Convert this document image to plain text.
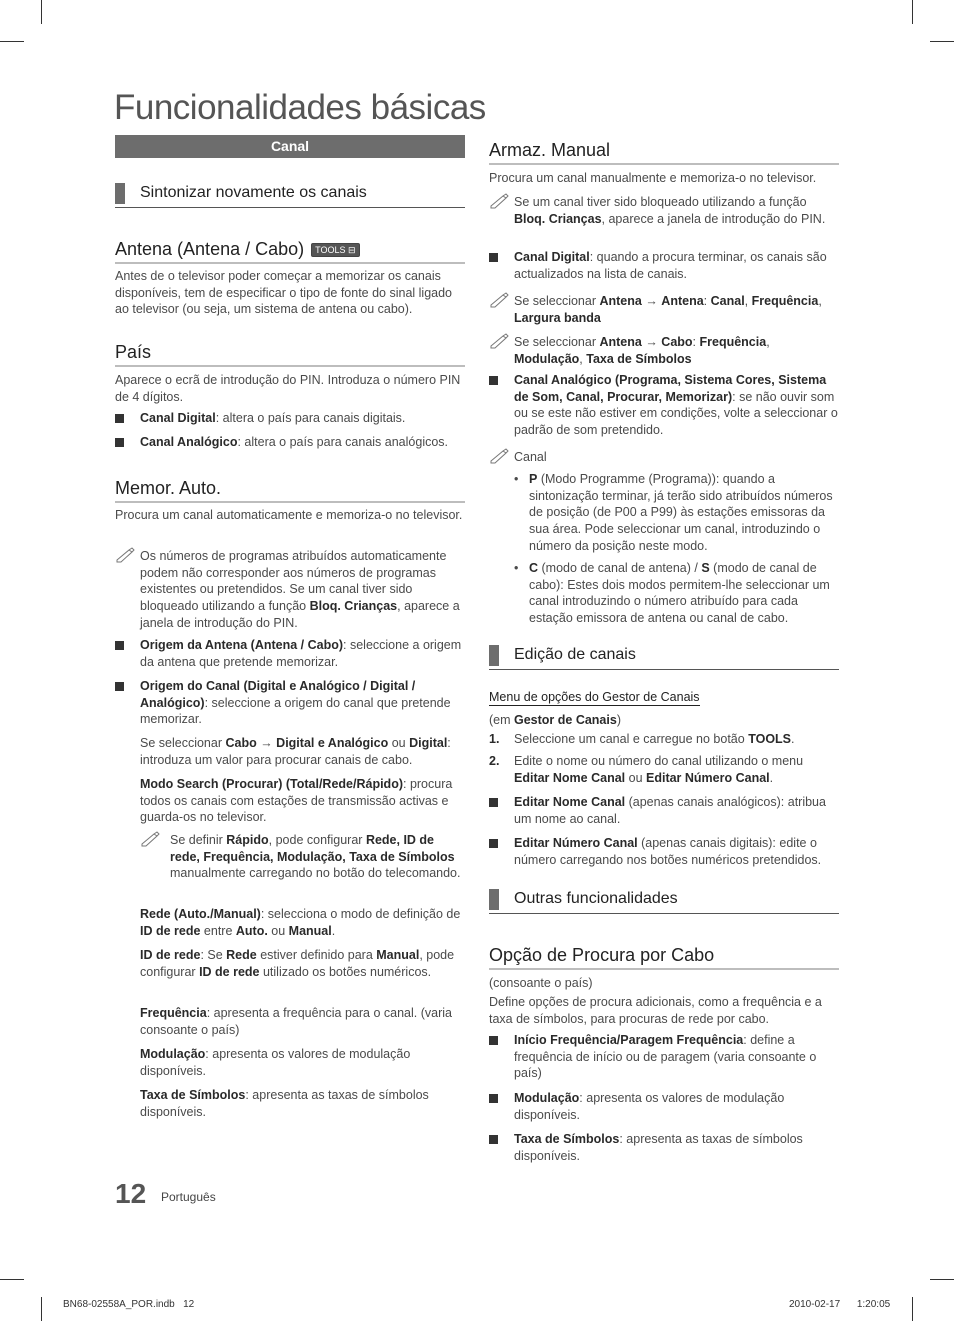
Funcionalidades básicas
Canal
Sintonizar novamente os canais
Antena (Antena / Cabo) TOOLS ⊟
Antes de o televisor poder começar a memorizar os canais disponíveis, tem de especificar o tipo de fonte do sinal ligado ao televisor (ou seja, um sistema de antena ou cabo).
País
Aparece o ecrã de introdução do PIN. Introduza o número PIN de 4 dígitos.
Canal Digital: altera o país para canais digitais.
Canal Analógico: altera o país para canais analógicos.
Memor. Auto.
Procura um canal automaticamente e memoriza-o no televisor.
Os números de programas atribuídos automaticamente podem não corresponder aos números de programas existentes ou pretendidos. Se um canal tiver sido bloqueado utilizando a função Bloq. Crianças, aparece a janela de introdução do PIN.
Origem da Antena (Antena / Cabo): seleccione a origem da antena que pretende memorizar.
Origem do Canal (Digital e Analógico / Digital / Analógico): seleccione a origem do canal que pretende memorizar.
Se seleccionar Cabo → Digital e Analógico ou Digital: introduza um valor para procurar canais de cabo.
Modo Search (Procurar) (Total/Rede/Rápido): procura todos os canais com estações de transmissão activas e guarda-os no televisor.
Se definir Rápido, pode configurar Rede, ID de rede, Frequência, Modulação, Taxa de Símbolos manualmente carregando no botão do telecomando.
Rede (Auto./Manual): selecciona o modo de definição de ID de rede entre Auto. ou Manual.
ID de rede: Se Rede estiver definido para Manual, pode configurar ID de rede utilizado os botões numéricos.
Frequência: apresenta a frequência para o canal. (varia consoante o país)
Modulação: apresenta os valores de modulação disponíveis.
Taxa de Símbolos: apresenta as taxas de símbolos disponíveis.
Armaz. Manual
Procura um canal manualmente e memoriza-o no televisor.
Se um canal tiver sido bloqueado utilizando a função Bloq. Crianças, aparece a janela de introdução do PIN.
Canal Digital: quando a procura terminar, os canais são actualizados na lista de canais.
Se seleccionar Antena → Antena: Canal, Frequência, Largura banda
Se seleccionar Antena → Cabo: Frequência, Modulação, Taxa de Símbolos
Canal Analógico (Programa, Sistema Cores, Sistema de Som, Canal, Procurar, Memorizar): se não ouvir som ou se este não estiver em condições, volte a seleccionar o padrão de som pretendido.
Canal
• P (Modo Programme (Programa)): quando a sintonização terminar, já terão sido atribuídos números de posição (de P00 a P99) às estações emissoras da sua área. Pode seleccionar um canal, introduzindo o número da posição neste modo.
• C (modo de canal de antena) / S (modo de canal de cabo): Estes dois modos permitem-lhe seleccionar um canal introduzindo o número atribuído para cada estação emissora de antena ou canal de cabo.
Edição de canais
Menu de opções do Gestor de Canais
(em Gestor de Canais)
1. Seleccione um canal e carregue no botão TOOLS.
2. Edite o nome ou número do canal utilizando o menu Editar Nome Canal ou Editar Número Canal.
Editar Nome Canal (apenas canais analógicos): atribua um nome ao canal.
Editar Número Canal (apenas canais digitais): edite o número carregando nos botões numéricos pretendidos.
Outras funcionalidades
Opção de Procura por Cabo
(consoante o país)
Define opções de procura adicionais, como a frequência e a taxa de símbolos, para procuras de rede por cabo.
Início Frequência/Paragem Frequência: define a frequência de início ou de paragem (varia consoante o país)
Modulação: apresenta os valores de modulação disponíveis.
Taxa de Símbolos: apresenta as taxas de símbolos disponíveis.
12 Português
BN68-02558A_POR.indb   12	2010-02-17      1:20:05
